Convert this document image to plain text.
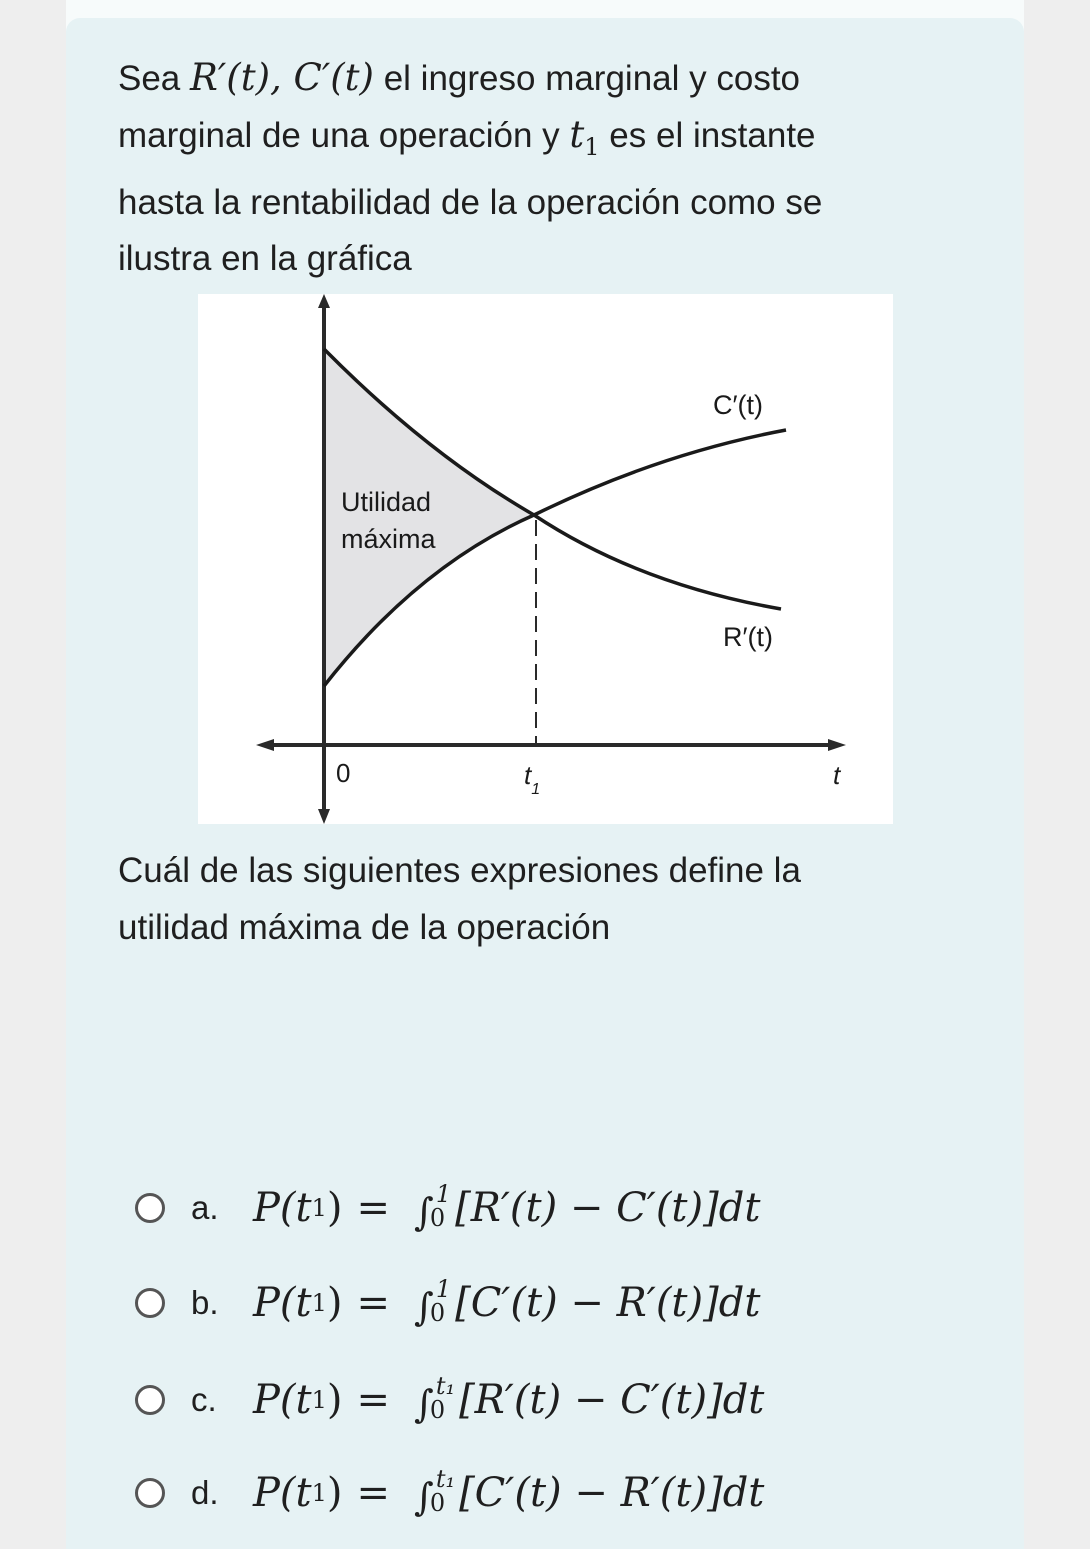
Sea R′(t), C′(t) el ingreso marginal y costo marginal de una operación y $t_1$ es el instante hasta la rentabilidad de la operación como se ilustra en la gráfica

C′(t)
R′(t)
Utilidad
máxima
0	$t_1$	t

Cuál de las siguientes expresiones define la utilidad máxima de la operación

a. P(t 1 ) = ∫ 1
0 [R′(t) − C′(t)]dt
b. P(t 1 ) = ∫ 1
0 [C′(t) − R′(t)]dt
c. P(t 1 ) = ∫ t₁
0 [R′(t) − C′(t)]dt
d. P(t 1 ) = ∫ t₁
0 [C′(t) − R′(t)]dt
